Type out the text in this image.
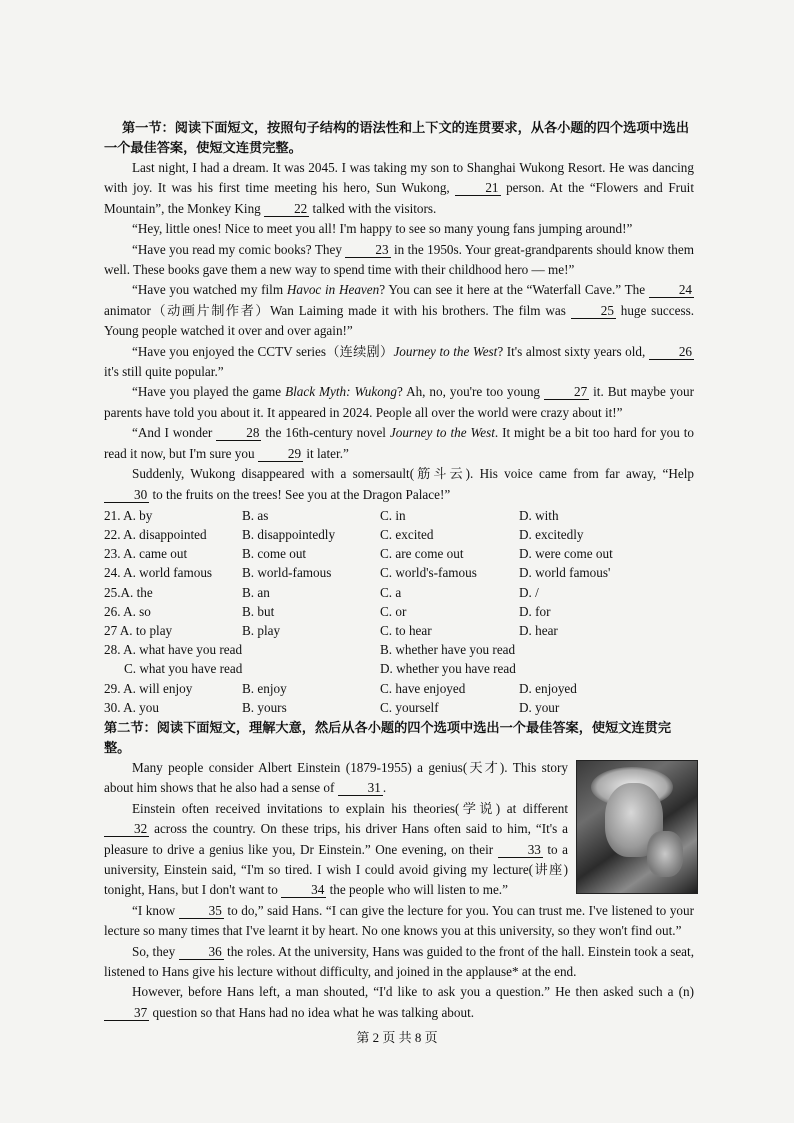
第一节：阅读下面短文，按照句子结构的语法性和上下文的连贯要求，从各小题的四个选项中选出一个最佳答案，使短文连贯完整。

Last night, I had a dream. It was 2045. I was taking my son to Shanghai Wukong Resort. He was dancing with joy. It was his first time meeting his hero, Sun Wukong,	21 person. At the “Flowers and Fruit Mountain”, the Monkey King	22 talked with the visitors.

“Hey, little ones! Nice to meet you all! I'm happy to see so many young fans jumping around!”

“Have you read my comic books? They	23 in the 1950s. Your great-grandparents should know them well. These books gave them a new way to spend time with their childhood hero — me!”

“Have you watched my film Havoc in Heaven? You can see it here at the “Waterfall Cave.” The	24 animator（动画片制作者）Wan Laiming made it with his brothers. The film was	25 huge success. Young people watched it over and over again!”

“Have you enjoyed the CCTV series（连续剧）Journey to the West? It's almost sixty years old,	26 it's still quite popular.”

“Have you played the game Black Myth: Wukong? Ah, no, you're too young	27 it. But maybe your parents have told you about it. It appeared in 2024. People all over the world were crazy about it!”

“And I wonder	28 the 16th-century novel Journey to the West. It might be a bit too hard for you to read it now, but I'm sure you	29 it later.”

Suddenly, Wukong disappeared with a somersault(筋斗云). His voice came from far away, “Help 30 to the fruits on the trees! See you at the Dragon Palace!”

21. A. by	B. as	C. in	D. with
22. A. disappointed	B. disappointedly	C. excited	D. excitedly
23. A. came out	B. come out	C. are come out	D. were come out
24. A. world famous	B. world-famous	C. world's-famous	D. world famous'
25.A. the	B. an	C. a	D. /
26. A. so	B. but	C. or	D. for
27 A. to play	B. play	C. to hear	D. hear
28. A. what have you read	B. whether have you read
C. what you have read	D. whether you have read
29. A. will enjoy	B. enjoy	C. have enjoyed	D. enjoyed
30. A. you	B. yours	C. yourself	D. your

第二节：阅读下面短文，理解大意，然后从各小题的四个选项中选出一个最佳答案，使短文连贯完整。

Many people consider Albert Einstein (1879-1955) a genius(天才). This story about him shows that he also had a sense of	31 .

Einstein often received invitations to explain his theories(学说) at different 32 across the country. On these trips, his driver Hans often said to him, “It's a pleasure to drive a genius like you, Dr Einstein.” One evening, on their	33 to a university, Einstein said, “I'm so tired. I wish I could avoid giving my lecture(讲座) tonight, Hans, but I don't want to	34 the people who will listen to me.”

“I know	35 to do,” said Hans. “I can give the lecture for you. You can trust me. I've listened to your lecture so many times that I've learnt it by heart. No one knows you at this university, so they won't find out.”

So, they	36 the roles. At the university, Hans was guided to the front of the hall. Einstein took a seat, listened to Hans give his lecture without difficulty, and joined in the applause* at the end.

However, before Hans left, a man shouted, “I'd like to ask you a question.” He then asked such a (n) 37 question so that Hans had no idea what he was talking about.

第 2 页 共 8 页
